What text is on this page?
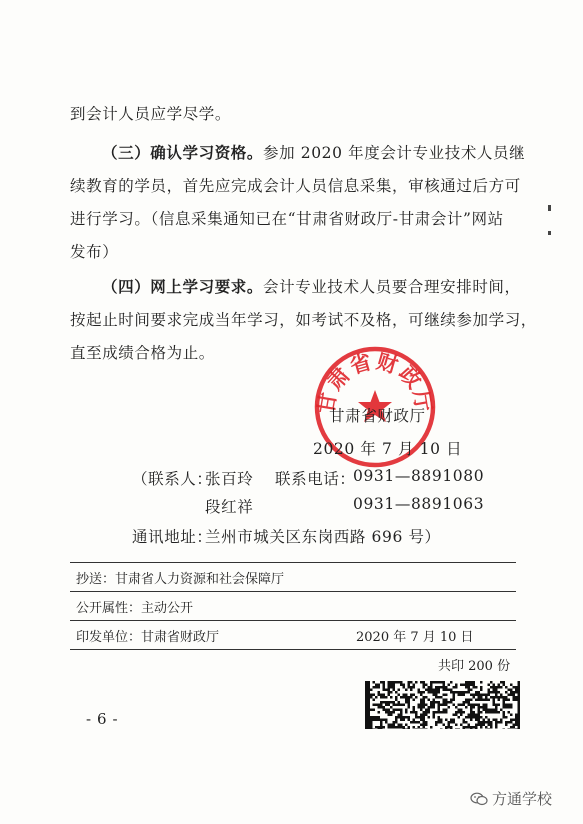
到会计人员应学尽学。
（三）确认学习资格。参加 2020 年度会计专业技术人员继
续教育的学员，首先应完成会计人员信息采集，审核通过后方可
进行学习。（信息采集通知已在“甘肃省财政厅-甘肃会计”网站
发布）
（四）网上学习要求。会计专业技术人员要合理安排时间，
按起止时间要求完成当年学习，如考试不及格，可继续参加学习，
直至成绩合格为止。
甘肃省财政厅
甘肃省财政厅
2020 年 7 月 10 日
（联系人：
张百玲 联系电话：
0931—8891080
段红祥	0931—8891063
通讯地址：
兰州市城关区东岗西路 696 号）
抄送：甘肃省人力资源和社会保障厅
公开属性：主动公开
印发单位：甘肃省财政厅	2020 年 7 月 10 日
共印 200 份
- 6 -
方通学校
